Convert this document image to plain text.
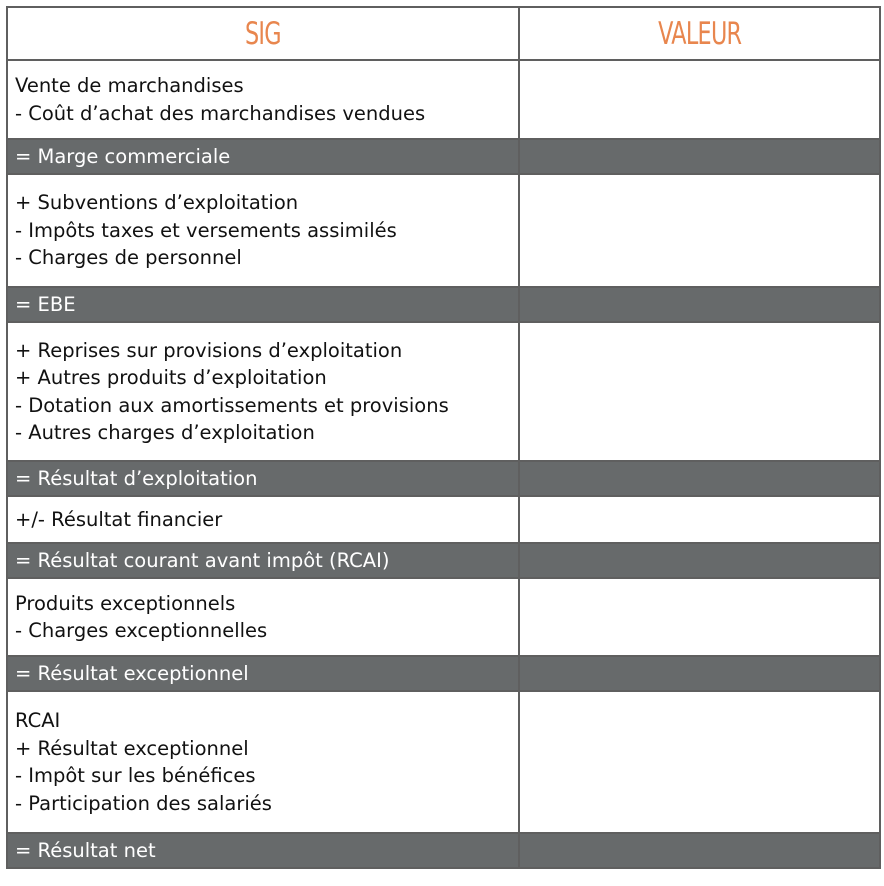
SIG	VALEUR

Vente de marchandises
- Coût d’achat des marchandises vendues	

= Marge commerciale	

+ Subventions d’exploitation
- Impôts taxes et versements assimilés
- Charges de personnel	

= EBE	

+ Reprises sur provisions d’exploitation
+ Autres produits d’exploitation
- Dotation aux amortissements et provisions
- Autres charges d’exploitation	

= Résultat d’exploitation	

+/- Résultat financier	

= Résultat courant avant impôt (RCAI)	

Produits exceptionnels
- Charges exceptionnelles	

= Résultat exceptionnel	

RCAI
+ Résultat exceptionnel
- Impôt sur les bénéfices
- Participation des salariés	

= Résultat net	
